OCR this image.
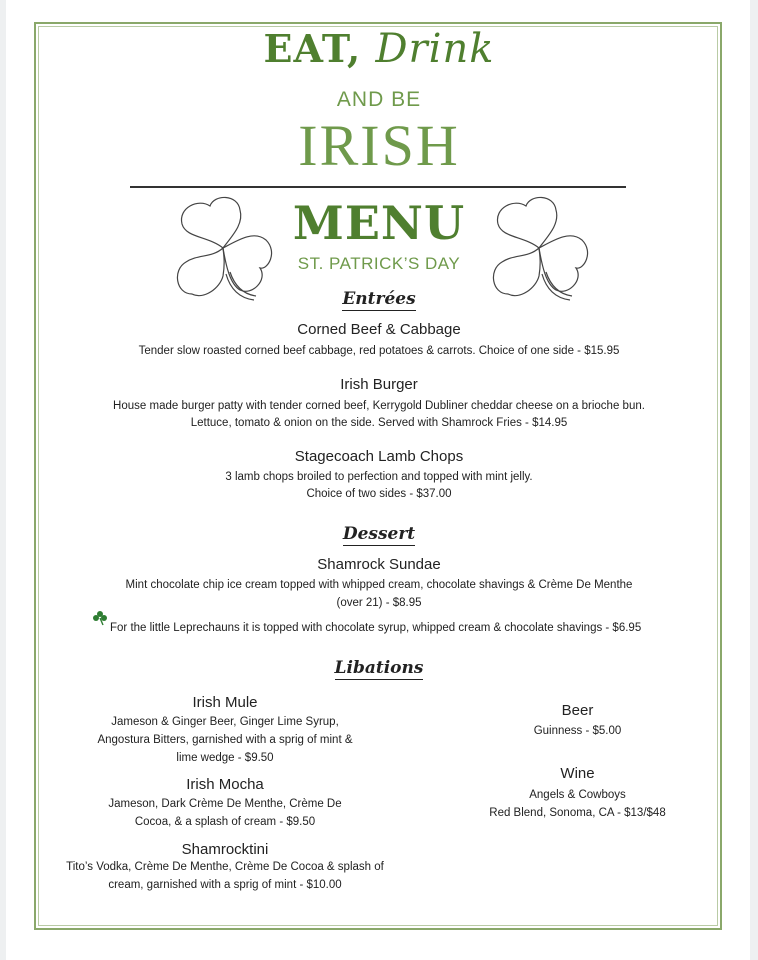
EAT, Drink
AND BE
IRISH
MENU
ST. PATRICK’S DAY
Entrées
Corned Beef & Cabbage
Tender slow roasted corned beef cabbage, red potatoes & carrots. Choice of one side - $15.95
Irish Burger
House made burger patty with tender corned beef, Kerrygold Dubliner cheddar cheese on a brioche bun.
Lettuce, tomato & onion on the side. Served with Shamrock Fries - $14.95
Stagecoach Lamb Chops
3 lamb chops broiled to perfection and topped with mint jelly.
Choice of two sides - $37.00
Dessert
Shamrock Sundae
Mint chocolate chip ice cream topped with whipped cream, chocolate shavings & Crème De Menthe
(over 21) - $8.95
For the little Leprechauns it is topped with chocolate syrup, whipped cream & chocolate shavings - $6.95
Libations
Irish Mule
Jameson & Ginger Beer, Ginger Lime Syrup,
Angostura Bitters, garnished with a sprig of mint &
lime wedge - $9.50
Irish Mocha
Jameson, Dark Crème De Menthe, Crème De
Cocoa, & a splash of cream - $9.50
Shamrocktini
Tito’s Vodka, Crème De Menthe, Crème De Cocoa & splash of
cream, garnished with a sprig of mint - $10.00
Beer
Guinness - $5.00
Wine
Angels & Cowboys
Red Blend, Sonoma, CA - $13/$48
